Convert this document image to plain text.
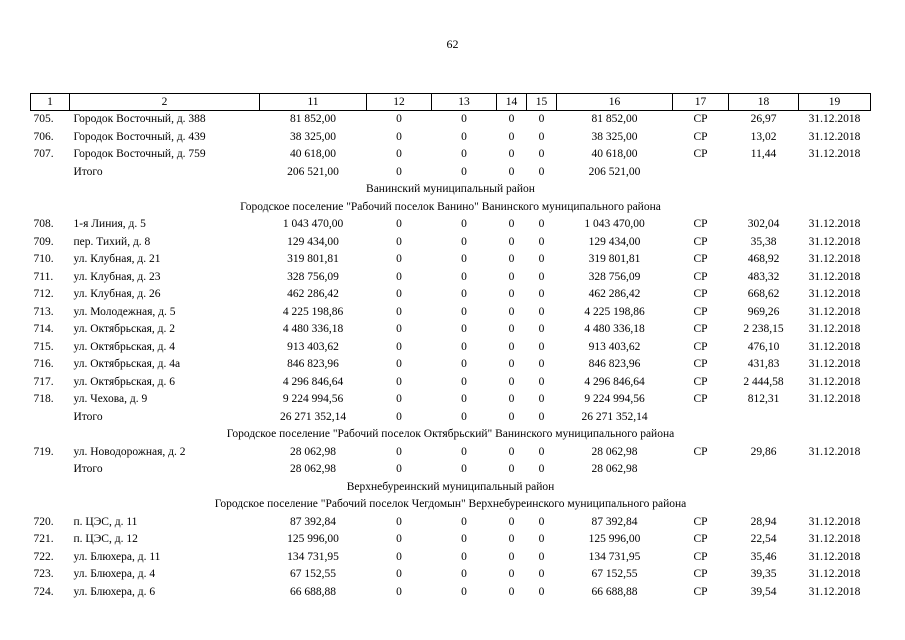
62
1	2	11	12	13	14	15	16	17	18	19
705.	Городок Восточный, д. 388	81 852,00	0	0	0	0	81 852,00	СР	26,97	31.12.2018
706.	Городок Восточный, д. 439	38 325,00	0	0	0	0	38 325,00	СР	13,02	31.12.2018
707.	Городок Восточный, д. 759	40 618,00	0	0	0	0	40 618,00	СР	11,44	31.12.2018
	Итого	206 521,00	0	0	0	0	206 521,00			
Ванинский муниципальный район										
Городское поселение "Рабочий поселок Ванино" Ванинского муниципального района										
708.	1-я Линия, д. 5	1 043 470,00	0	0	0	0	1 043 470,00	СР	302,04	31.12.2018
709.	пер. Тихий, д. 8	129 434,00	0	0	0	0	129 434,00	СР	35,38	31.12.2018
710.	ул. Клубная, д. 21	319 801,81	0	0	0	0	319 801,81	СР	468,92	31.12.2018
711.	ул. Клубная, д. 23	328 756,09	0	0	0	0	328 756,09	СР	483,32	31.12.2018
712.	ул. Клубная, д. 26	462 286,42	0	0	0	0	462 286,42	СР	668,62	31.12.2018
713.	ул. Молодежная, д. 5	4 225 198,86	0	0	0	0	4 225 198,86	СР	969,26	31.12.2018
714.	ул. Октябрьская, д. 2	4 480 336,18	0	0	0	0	4 480 336,18	СР	2 238,15	31.12.2018
715.	ул. Октябрьская, д. 4	913 403,62	0	0	0	0	913 403,62	СР	476,10	31.12.2018
716.	ул. Октябрьская, д. 4а	846 823,96	0	0	0	0	846 823,96	СР	431,83	31.12.2018
717.	ул. Октябрьская, д. 6	4 296 846,64	0	0	0	0	4 296 846,64	СР	2 444,58	31.12.2018
718.	ул. Чехова, д. 9	9 224 994,56	0	0	0	0	9 224 994,56	СР	812,31	31.12.2018
	Итого	26 271 352,14	0	0	0	0	26 271 352,14			
Городское поселение "Рабочий поселок Октябрьский" Ванинского муниципального района										
719.	ул. Новодорожная, д. 2	28 062,98	0	0	0	0	28 062,98	СР	29,86	31.12.2018
	Итого	28 062,98	0	0	0	0	28 062,98			
Верхнебуреинский муниципальный район										
Городское поселение "Рабочий поселок Чегдомын" Верхнебуреинского муниципального района										
720.	п. ЦЭС, д. 11	87 392,84	0	0	0	0	87 392,84	СР	28,94	31.12.2018
721.	п. ЦЭС, д. 12	125 996,00	0	0	0	0	125 996,00	СР	22,54	31.12.2018
722.	ул. Блюхера, д. 11	134 731,95	0	0	0	0	134 731,95	СР	35,46	31.12.2018
723.	ул. Блюхера, д. 4	67 152,55	0	0	0	0	67 152,55	СР	39,35	31.12.2018
724.	ул. Блюхера, д. 6	66 688,88	0	0	0	0	66 688,88	СР	39,54	31.12.2018
